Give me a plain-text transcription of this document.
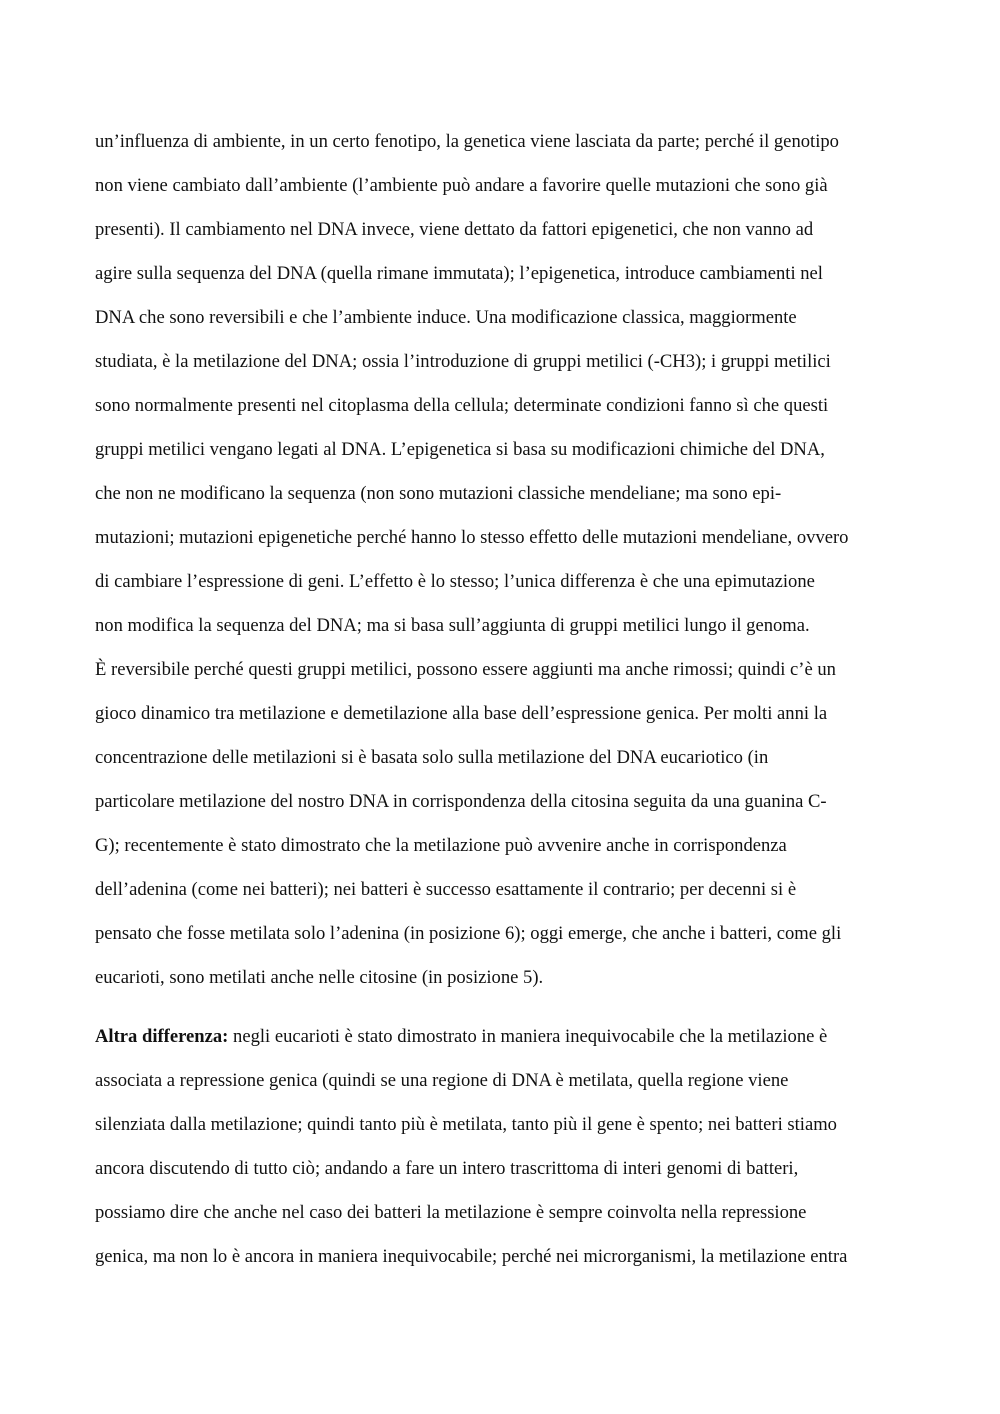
un’influenza di ambiente, in un certo fenotipo, la genetica viene lasciata da parte; perché il genotipo

non viene cambiato dall’ambiente (l’ambiente può andare a favorire quelle mutazioni che sono già

presenti). Il cambiamento nel DNA invece, viene dettato da fattori epigenetici, che non vanno ad

agire sulla sequenza del DNA (quella rimane immutata); l’epigenetica, introduce cambiamenti nel

DNA che sono reversibili e che l’ambiente induce. Una modificazione classica, maggiormente

studiata, è la metilazione del DNA; ossia l’introduzione di gruppi metilici (-CH3); i gruppi metilici

sono normalmente presenti nel citoplasma della cellula; determinate condizioni fanno sì che questi

gruppi metilici vengano legati al DNA. L’epigenetica si basa su modificazioni chimiche del DNA,

che non ne modificano la sequenza (non sono mutazioni classiche mendeliane; ma sono epi-

mutazioni; mutazioni epigenetiche perché hanno lo stesso effetto delle mutazioni mendeliane, ovvero

di cambiare l’espressione di geni. L’effetto è lo stesso; l’unica differenza è che una epimutazione

non modifica la sequenza del DNA; ma si basa sull’aggiunta di gruppi metilici lungo il genoma.

È reversibile perché questi gruppi metilici, possono essere aggiunti ma anche rimossi; quindi c’è un

gioco dinamico tra metilazione e demetilazione alla base dell’espressione genica. Per molti anni la

concentrazione delle metilazioni si è basata solo sulla metilazione del DNA eucariotico (in

particolare metilazione del nostro DNA in corrispondenza della citosina seguita da una guanina C-

G); recentemente è stato dimostrato che la metilazione può avvenire anche in corrispondenza

dell’adenina (come nei batteri); nei batteri è successo esattamente il contrario; per decenni si è

pensato che fosse metilata solo l’adenina (in posizione 6); oggi emerge, che anche i batteri, come gli

eucarioti, sono metilati anche nelle citosine (in posizione 5).

Altra differenza: negli eucarioti è stato dimostrato in maniera inequivocabile che la metilazione è

associata a repressione genica (quindi se una regione di DNA è metilata, quella regione viene

silenziata dalla metilazione; quindi tanto più è metilata, tanto più il gene è spento; nei batteri stiamo

ancora discutendo di tutto ciò; andando a fare un intero trascrittoma di interi genomi di batteri,

possiamo dire che anche nel caso dei batteri la metilazione è sempre coinvolta nella repressione

genica, ma non lo è ancora in maniera inequivocabile; perché nei microrganismi, la metilazione entra
